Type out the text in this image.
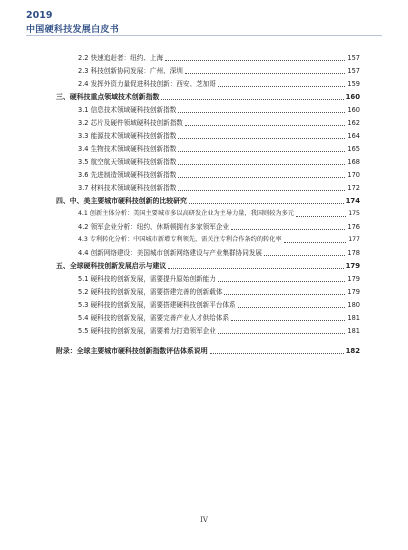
2019
中国硬科技发展白皮书
2.2 快速追赶者：纽约、上海	157
2.3 科技创新协同发展：广州、深圳	157
2.4 发挥外资力量促进科技创新：西安、芝加哥	159
三、硬科技重点领域技术创新指数	160
3.1 信息技术领域硬科技创新指数	160
3.2 芯片及硬件领域硬科技创新指数	162
3.3 能源技术领域硬科技创新指数	164
3.4 生物技术领域硬科技创新指数	165
3.5 航空航天领域硬科技创新指数	168
3.6 先进制造领域硬科技创新指数	170
3.7 材料技术领域硬科技创新指数	172
四、中、美主要城市硬科技创新的比较研究	174
4.1 创新主体分析：美国主要城市多以高研发企业为主导力量，我国则较为多元	175
4.2 领军企业分析：纽约、休斯顿拥有多家领军企业	176
4.3 专利转化分析：中国城市新增专利领先，需关注专利合作条约的转化率	177
4.4 创新网络建设：美国城市创新网络建设与产业集群协同发展	178
五、全球硬科技创新发展启示与建议	179
5.1 硬科技的创新发展，需要提升原始创新能力	179
5.2 硬科技的创新发展，需要搭建完善的创新载体	179
5.3 硬科技的创新发展，需要搭建硬科技创新平台体系	180
5.4 硬科技的创新发展，需要完善产业人才供给体系	181
5.5 硬科技的创新发展，需要着力打造领军企业	181
附录：全球主要城市硬科技创新指数评估体系说明	182
IV
